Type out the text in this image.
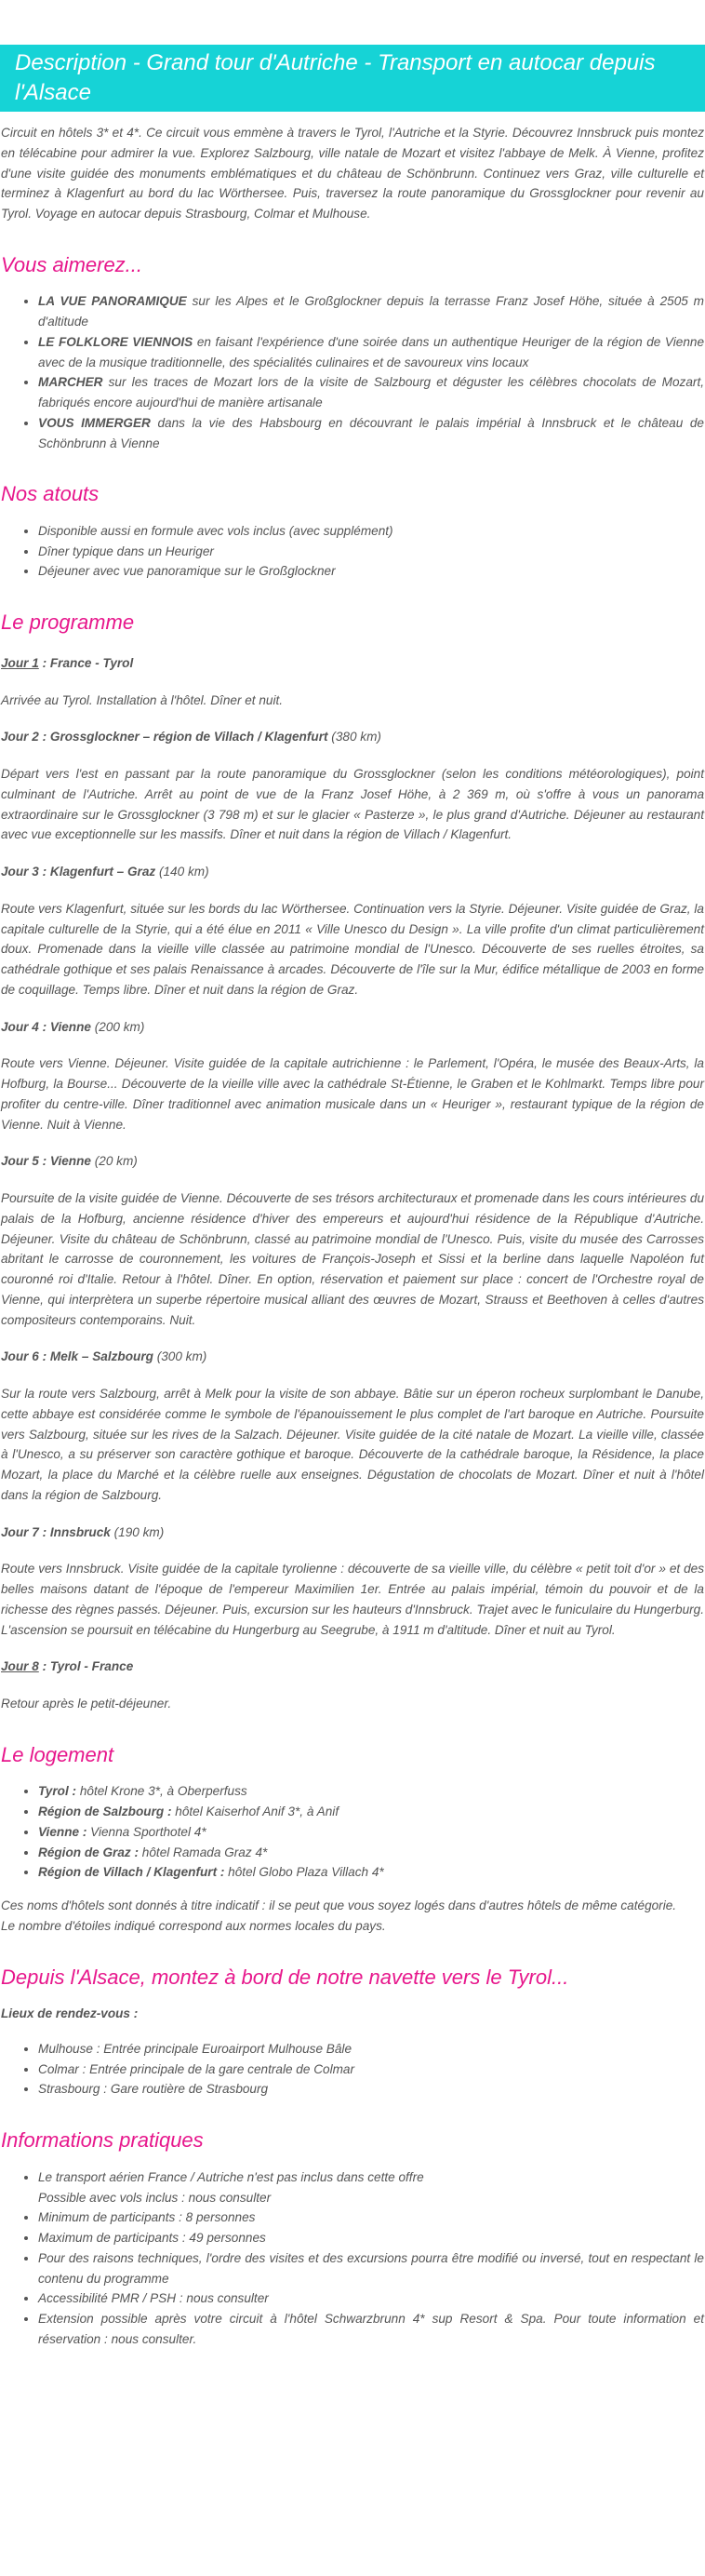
Description - Grand tour d'Autriche - Transport en autocar depuis l'Alsace

Circuit en hôtels 3* et 4*. Ce circuit vous emmène à travers le Tyrol, l'Autriche et la Styrie. Découvrez Innsbruck puis montez en télécabine pour admirer la vue. Explorez Salzbourg, ville natale de Mozart et visitez l'abbaye de Melk. À Vienne, profitez d'une visite guidée des monuments emblématiques et du château de Schönbrunn. Continuez vers Graz, ville culturelle et terminez à Klagenfurt au bord du lac Wörthersee. Puis, traversez la route panoramique du Grossglockner pour revenir au Tyrol. Voyage en autocar depuis Strasbourg, Colmar et Mulhouse.

Vous aimerez...
• LA VUE PANORAMIQUE sur les Alpes et le Großglockner depuis la terrasse Franz Josef Höhe, située à 2505 m d'altitude
• LE FOLKLORE VIENNOIS en faisant l'expérience d'une soirée dans un authentique Heuriger de la région de Vienne avec de la musique traditionnelle, des spécialités culinaires et de savoureux vins locaux
• MARCHER sur les traces de Mozart lors de la visite de Salzbourg et déguster les célèbres chocolats de Mozart, fabriqués encore aujourd'hui de manière artisanale
• VOUS IMMERGER dans la vie des Habsbourg en découvrant le palais impérial à Innsbruck et le château de Schönbrunn à Vienne
Nos atouts
• Disponible aussi en formule avec vols inclus (avec supplément)
• Dîner typique dans un Heuriger
• Déjeuner avec vue panoramique sur le Großglockner
Le programme

Jour 1 : France - Tyrol

Arrivée au Tyrol. Installation à l'hôtel. Dîner et nuit.

Jour 2 : Grossglockner – région de Villach / Klagenfurt (380 km)

Départ vers l'est en passant par la route panoramique du Grossglockner (selon les conditions météorologiques), point culminant de l'Autriche. Arrêt au point de vue de la Franz Josef Höhe, à 2 369 m, où s'offre à vous un panorama extraordinaire sur le Grossglockner (3 798 m) et sur le glacier « Pasterze », le plus grand d'Autriche. Déjeuner au restaurant avec vue exceptionnelle sur les massifs. Dîner et nuit dans la région de Villach / Klagenfurt.

Jour 3 : Klagenfurt – Graz (140 km)

Route vers Klagenfurt, située sur les bords du lac Wörthersee. Continuation vers la Styrie. Déjeuner. Visite guidée de Graz, la capitale culturelle de la Styrie, qui a été élue en 2011 « Ville Unesco du Design ». La ville profite d'un climat particulièrement doux. Promenade dans la vieille ville classée au patrimoine mondial de l'Unesco. Découverte de ses ruelles étroites, sa cathédrale gothique et ses palais Renaissance à arcades. Découverte de l'île sur la Mur, édifice métallique de 2003 en forme de coquillage. Temps libre. Dîner et nuit dans la région de Graz.

Jour 4 : Vienne (200 km)

Route vers Vienne. Déjeuner. Visite guidée de la capitale autrichienne : le Parlement, l'Opéra, le musée des Beaux-Arts, la Hofburg, la Bourse... Découverte de la vieille ville avec la cathédrale St-Étienne, le Graben et le Kohlmarkt. Temps libre pour profiter du centre-ville. Dîner traditionnel avec animation musicale dans un « Heuriger », restaurant typique de la région de Vienne. Nuit à Vienne.

Jour 5 : Vienne (20 km)

Poursuite de la visite guidée de Vienne. Découverte de ses trésors architecturaux et promenade dans les cours intérieures du palais de la Hofburg, ancienne résidence d'hiver des empereurs et aujourd'hui résidence de la République d'Autriche. Déjeuner. Visite du château de Schönbrunn, classé au patrimoine mondial de l'Unesco. Puis, visite du musée des Carrosses abritant le carrosse de couronnement, les voitures de François-Joseph et Sissi et la berline dans laquelle Napoléon fut couronné roi d'Italie. Retour à l'hôtel. Dîner. En option, réservation et paiement sur place : concert de l'Orchestre royal de Vienne, qui interprètera un superbe répertoire musical alliant des œuvres de Mozart, Strauss et Beethoven à celles d'autres compositeurs contemporains. Nuit.

Jour 6 : Melk – Salzbourg (300 km)

Sur la route vers Salzbourg, arrêt à Melk pour la visite de son abbaye. Bâtie sur un éperon rocheux surplombant le Danube, cette abbaye est considérée comme le symbole de l'épanouissement le plus complet de l'art baroque en Autriche. Poursuite vers Salzbourg, située sur les rives de la Salzach. Déjeuner. Visite guidée de la cité natale de Mozart. La vieille ville, classée à l'Unesco, a su préserver son caractère gothique et baroque. Découverte de la cathédrale baroque, la Résidence, la place Mozart, la place du Marché et la célèbre ruelle aux enseignes. Dégustation de chocolats de Mozart. Dîner et nuit à l'hôtel dans la région de Salzbourg.

Jour 7 : Innsbruck (190 km)

Route vers Innsbruck. Visite guidée de la capitale tyrolienne : découverte de sa vieille ville, du célèbre « petit toit d'or » et des belles maisons datant de l'époque de l'empereur Maximilien 1er. Entrée au palais impérial, témoin du pouvoir et de la richesse des règnes passés. Déjeuner. Puis, excursion sur les hauteurs d'Innsbruck. Trajet avec le funiculaire du Hungerburg. L'ascension se poursuit en télécabine du Hungerburg au Seegrube, à 1911 m d'altitude. Dîner et nuit au Tyrol.

Jour 8 : Tyrol - France

Retour après le petit-déjeuner.

Le logement
• Tyrol : hôtel Krone 3*, à Oberperfuss
• Région de Salzbourg : hôtel Kaiserhof Anif 3*, à Anif
• Vienne : Vienna Sporthotel 4*
• Région de Graz : hôtel Ramada Graz 4*
• Région de Villach / Klagenfurt : hôtel Globo Plaza Villach 4*

Ces noms d'hôtels sont donnés à titre indicatif : il se peut que vous soyez logés dans d'autres hôtels de même catégorie.
Le nombre d'étoiles indiqué correspond aux normes locales du pays.

Depuis l'Alsace, montez à bord de notre navette vers le Tyrol...

Lieux de rendez-vous :

• Mulhouse : Entrée principale Euroairport Mulhouse Bâle
• Colmar : Entrée principale de la gare centrale de Colmar
• Strasbourg : Gare routière de Strasbourg
Informations pratiques
• Le transport aérien France / Autriche n'est pas inclus dans cette offre
Possible avec vols inclus : nous consulter
• Minimum de participants : 8 personnes
• Maximum de participants : 49 personnes
• Pour des raisons techniques, l'ordre des visites et des excursions pourra être modifié ou inversé, tout en respectant le contenu du programme
• Accessibilité PMR / PSH : nous consulter
• Extension possible après votre circuit à l'hôtel Schwarzbrunn 4* sup Resort & Spa. Pour toute information et réservation : nous consulter.
